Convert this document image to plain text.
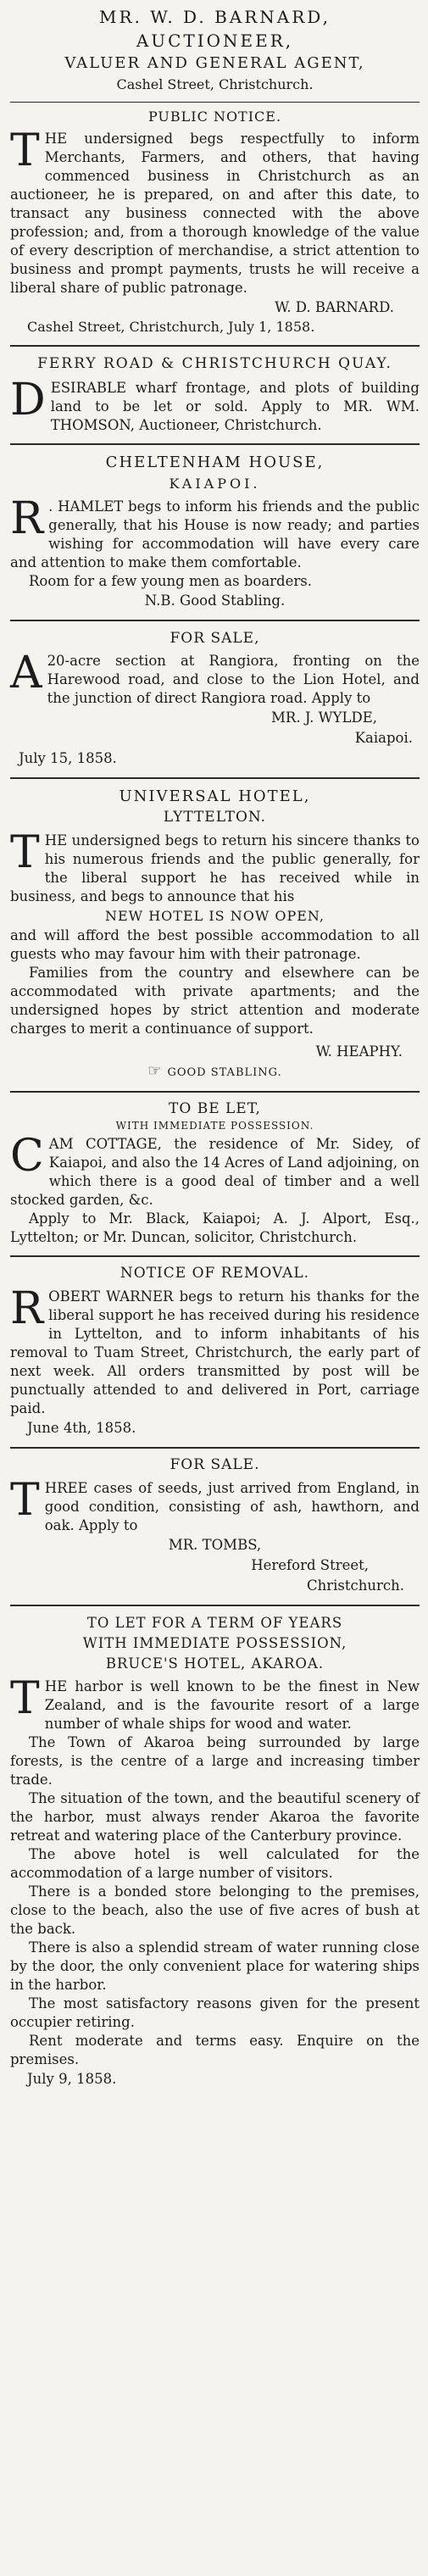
MR. W. D. BARNARD,
AUCTIONEER,
VALUER AND GENERAL AGENT,
Cashel Street, Christchurch.
PUBLIC NOTICE.

THE undersigned begs respectfully to inform Merchants, Farmers, and others, that having commenced business in Christchurch as an auctioneer, he is prepared, on and after this date, to transact any business connected with the above profession; and, from a thorough knowledge of the value of every description of merchandise, a strict attention to business and prompt payments, trusts he will receive a liberal share of public patronage.

W. D. BARNARD.
Cashel Street, Christchurch, July 1, 1858.
FERRY ROAD & CHRISTCHURCH QUAY.

DESIRABLE wharf frontage, and plots of building land to be let or sold. Apply to MR. WM. THOMSON, Auctioneer, Christchurch.

CHELTENHAM HOUSE,
KAIAPOI.

R . HAMLET begs to inform his friends and the public generally, that his House is now ready; and parties wishing for accommodation will have every care and attention to make them comfortable.

Room for a few young men as boarders.

N.B. Good Stabling.
FOR SALE,

A 20-acre section at Rangiora, fronting on the Harewood road, and close to the Lion Hotel, and the junction of direct Rangiora road. Apply to

MR. J. WYLDE,
Kaiapoi.
July 15, 1858.
UNIVERSAL HOTEL,
LYTTELTON.

THE undersigned begs to return his sincere thanks to his numerous friends and the public generally, for the liberal support he has received while in business, and begs to announce that his

NEW HOTEL IS NOW OPEN,

and will afford the best possible accommodation to all guests who may favour him with their patronage.

Families from the country and elsewhere can be accommodated with private apartments; and the undersigned hopes by strict attention and moderate charges to merit a continuance of support.

W. HEAPHY.
☞ GOOD STABLING.
TO BE LET,
WITH IMMEDIATE POSSESSION.

CAM COTTAGE, the residence of Mr. Sidey, of Kaiapoi, and also the 14 Acres of Land adjoining, on which there is a good deal of timber and a well stocked garden, &c.

Apply to Mr. Black, Kaiapoi; A. J. Alport, Esq., Lyttelton; or Mr. Duncan, solicitor, Christchurch.

NOTICE OF REMOVAL.

ROBERT WARNER begs to return his thanks for the liberal support he has received during his residence in Lyttelton, and to inform inhabitants of his removal to Tuam Street, Christchurch, the early part of next week. All orders transmitted by post will be punctually attended to and delivered in Port, carriage paid.

June 4th, 1858.
FOR SALE.

THREE cases of seeds, just arrived from England, in good condition, consisting of ash, hawthorn, and oak. Apply to

MR. TOMBS,
Hereford Street,
Christchurch.
TO LET FOR A TERM OF YEARS
WITH IMMEDIATE POSSESSION,
BRUCE'S HOTEL, AKAROA.

THE harbor is well known to be the finest in New Zealand, and is the favourite resort of a large number of whale ships for wood and water.

The Town of Akaroa being surrounded by large forests, is the centre of a large and increasing timber trade.

The situation of the town, and the beautiful scenery of the harbor, must always render Akaroa the favorite retreat and watering place of the Canterbury province.

The above hotel is well calculated for the accommodation of a large number of visitors.

There is a bonded store belonging to the premises, close to the beach, also the use of five acres of bush at the back.

There is also a splendid stream of water running close by the door, the only convenient place for watering ships in the harbor.

The most satisfactory reasons given for the present occupier retiring.

Rent moderate and terms easy. Enquire on the premises.

July 9, 1858.
